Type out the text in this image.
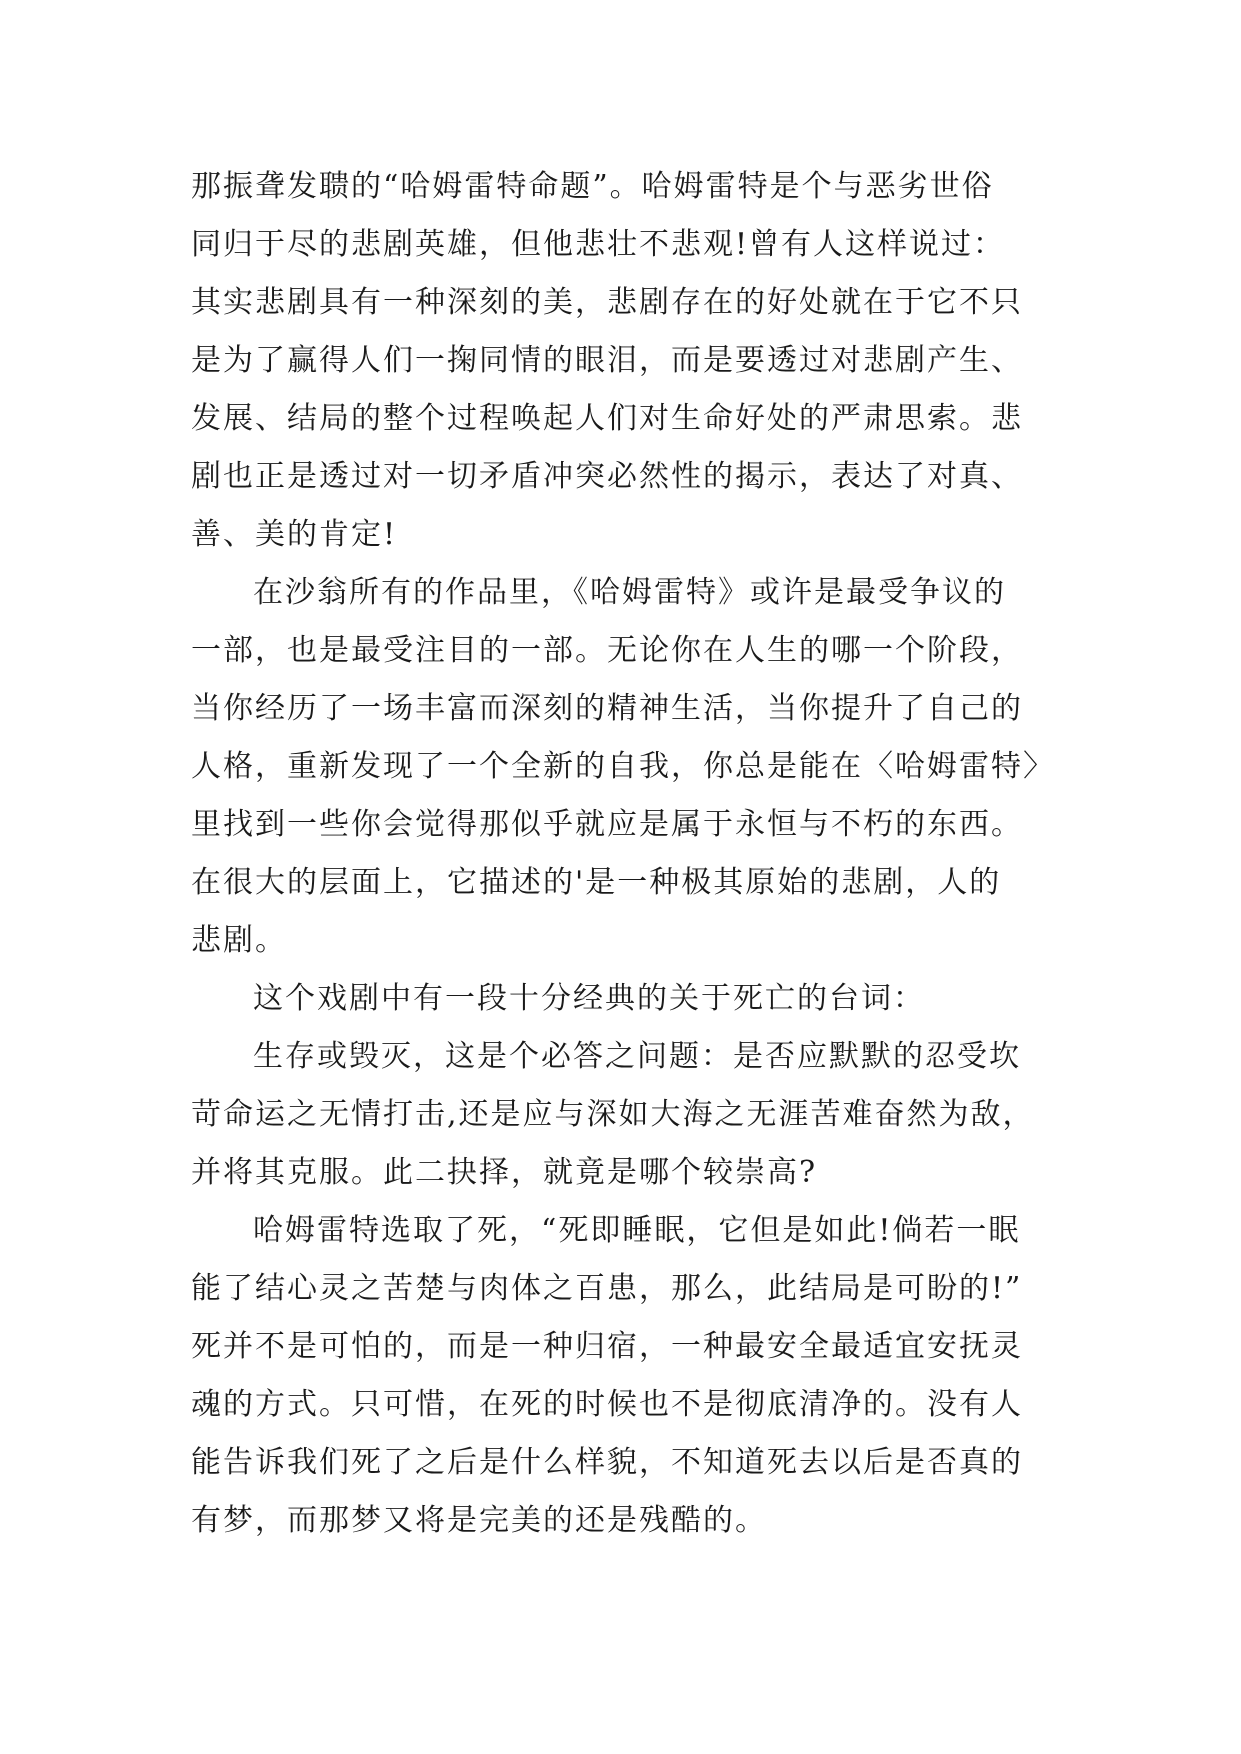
那振聋发聩的“哈姆雷特命题”。哈姆雷特是个与恶劣世俗
同归于尽的悲剧英雄，但他悲壮不悲观!曾有人这样说过：
其实悲剧具有一种深刻的美，悲剧存在的好处就在于它不只
是为了赢得人们一掬同情的眼泪，而是要透过对悲剧产生、
发展、结局的整个过程唤起人们对生命好处的严肃思索。悲
剧也正是透过对一切矛盾冲突必然性的揭示，表达了对真、
善、美的肯定!
在沙翁所有的作品里，《哈姆雷特》或许是最受争议的
一部，也是最受注目的一部。无论你在人生的哪一个阶段，
当你经历了一场丰富而深刻的精神生活，当你提升了自己的
人格，重新发现了一个全新的自我，你总是能在〈哈姆雷特〉
里找到一些你会觉得那似乎就应是属于永恒与不朽的东西。
在很大的层面上，它描述的'是一种极其原始的悲剧，人的
悲剧。
这个戏剧中有一段十分经典的关于死亡的台词：
生存或毁灭，这是个必答之问题：是否应默默的忍受坎
苛命运之无情打击,还是应与深如大海之无涯苦难奋然为敌，
并将其克服。此二抉择，就竟是哪个较崇高?
哈姆雷特选取了死，“死即睡眠，它但是如此!倘若一眠
能了结心灵之苦楚与肉体之百患，那么，此结局是可盼的!”
死并不是可怕的，而是一种归宿，一种最安全最适宜安抚灵
魂的方式。只可惜，在死的时候也不是彻底清净的。没有人
能告诉我们死了之后是什么样貌，不知道死去以后是否真的
有梦，而那梦又将是完美的还是残酷的。
